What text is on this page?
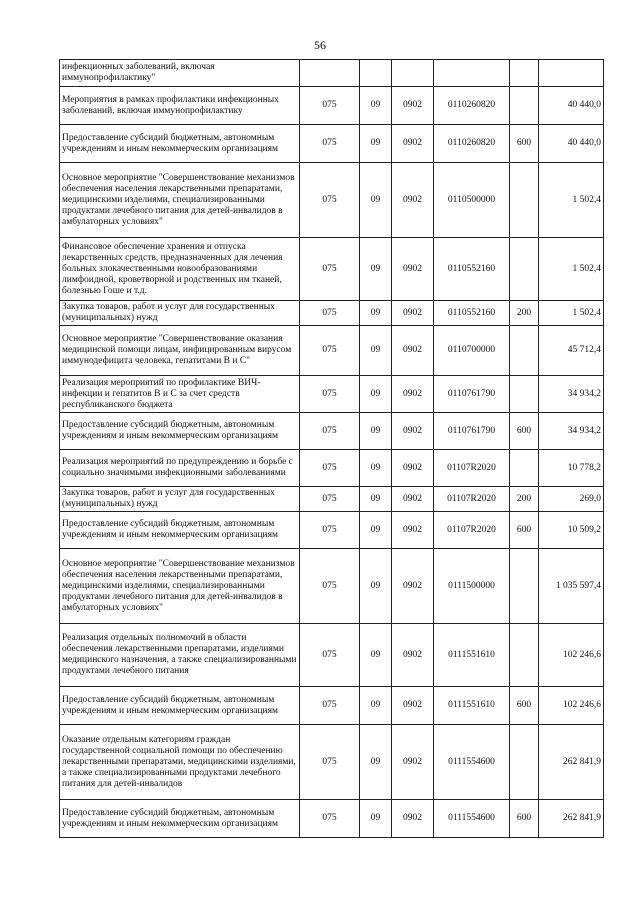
56
инфекционных заболеваний, включая иммунопрофилактику"						
Мероприятия в рамках профилактики инфекционных заболеваний, включая иммунопрофилактику	075	09	0902	0110260820		40 440,0
Предоставление субсидий бюджетным, автономным учреждениям и иным некоммерческим организациям	075	09	0902	0110260820	600	40 440,0
Основное мероприятие "Совершенствование механизмов обеспечения населения лекарственными препаратами, медицинскими изделиями, специализированными продуктами лечебного питания для детей-инвалидов в амбулаторных условиях"	075	09	0902	0110500000		1 502,4
Финансовое обеспечение хранения и отпуска лекарственных средств, предназначенных для лечения больных злокачественными новообразованиями лимфоидной, кроветворной и родственных им тканей, болезнью Гоше и т.д.	075	09	0902	0110552160		1 502,4
Закупка товаров, работ и услуг для государственных (муниципальных) нужд	075	09	0902	0110552160	200	1 502,4
Основное мероприятие "Совершенствование оказания медицинской помощи лицам, инфицированным вирусом иммунодефицита человека, гепатитами B и C"	075	09	0902	0110700000		45 712,4
Реализация мероприятий по профилактике ВИЧ-инфекции и гепатитов B и C за счет средств республиканского бюджета	075	09	0902	0110761790		34 934,2
Предоставление субсидий бюджетным, автономным учреждениям и иным некоммерческим организациям	075	09	0902	0110761790	600	34 934,2
Реализация мероприятий по предупреждению и борьбе с социально значимыми инфекционными заболеваниями	075	09	0902	01107R2020		10 778,2
Закупка товаров, работ и услуг для государственных (муниципальных) нужд	075	09	0902	01107R2020	200	269,0
Предоставление субсидий бюджетным, автономным учреждениям и иным некоммерческим организациям	075	09	0902	01107R2020	600	10 509,2
Основное мероприятие "Совершенствование механизмов обеспечения населения лекарственными препаратами, медицинскими изделиями, специализированными продуктами лечебного питания для детей-инвалидов в амбулаторных условиях"	075	09	0902	0111500000		1 035 597,4
Реализация отдельных полномочий в области обеспечения лекарственными препаратами, изделиями медицинского назначения, а также специализированными продуктами лечебного питания	075	09	0902	0111551610		102 246,6
Предоставление субсидий бюджетным, автономным учреждениям и иным некоммерческим организациям	075	09	0902	0111551610	600	102 246,6
Оказание отдельным категориям граждан государственной социальной помощи по обеспечению лекарственными препаратами, медицинскими изделиями, а также специализированными продуктами лечебного питания для детей-инвалидов	075	09	0902	0111554600		262 841,9
Предоставление субсидий бюджетным, автономным учреждениям и иным некоммерческим организациям	075	09	0902	0111554600	600	262 841,9
